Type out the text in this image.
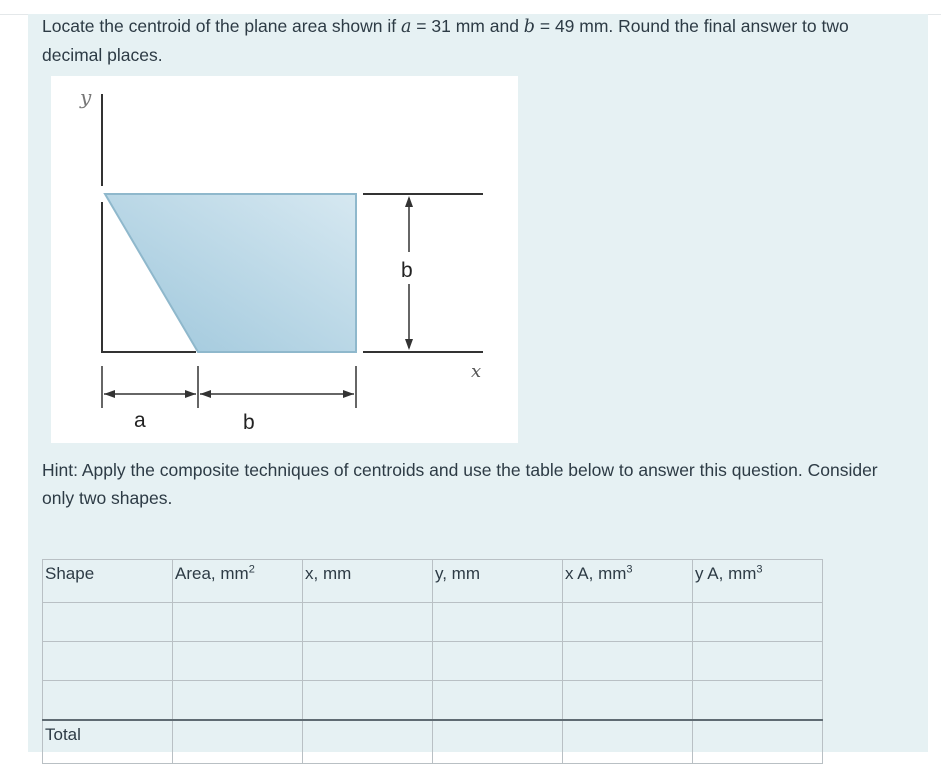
Locate the centroid of the plane area shown if a = 31 mm and b = 49 mm. Round the final answer to two decimal places.
y
x
b
a	b
Hint: Apply the composite techniques of centroids and use the table below to answer this question. Consider only two shapes.
Shape	Area, $mm^2$	x, mm	y, mm	x A, $mm^3$	y A, $mm^3$

Total					
